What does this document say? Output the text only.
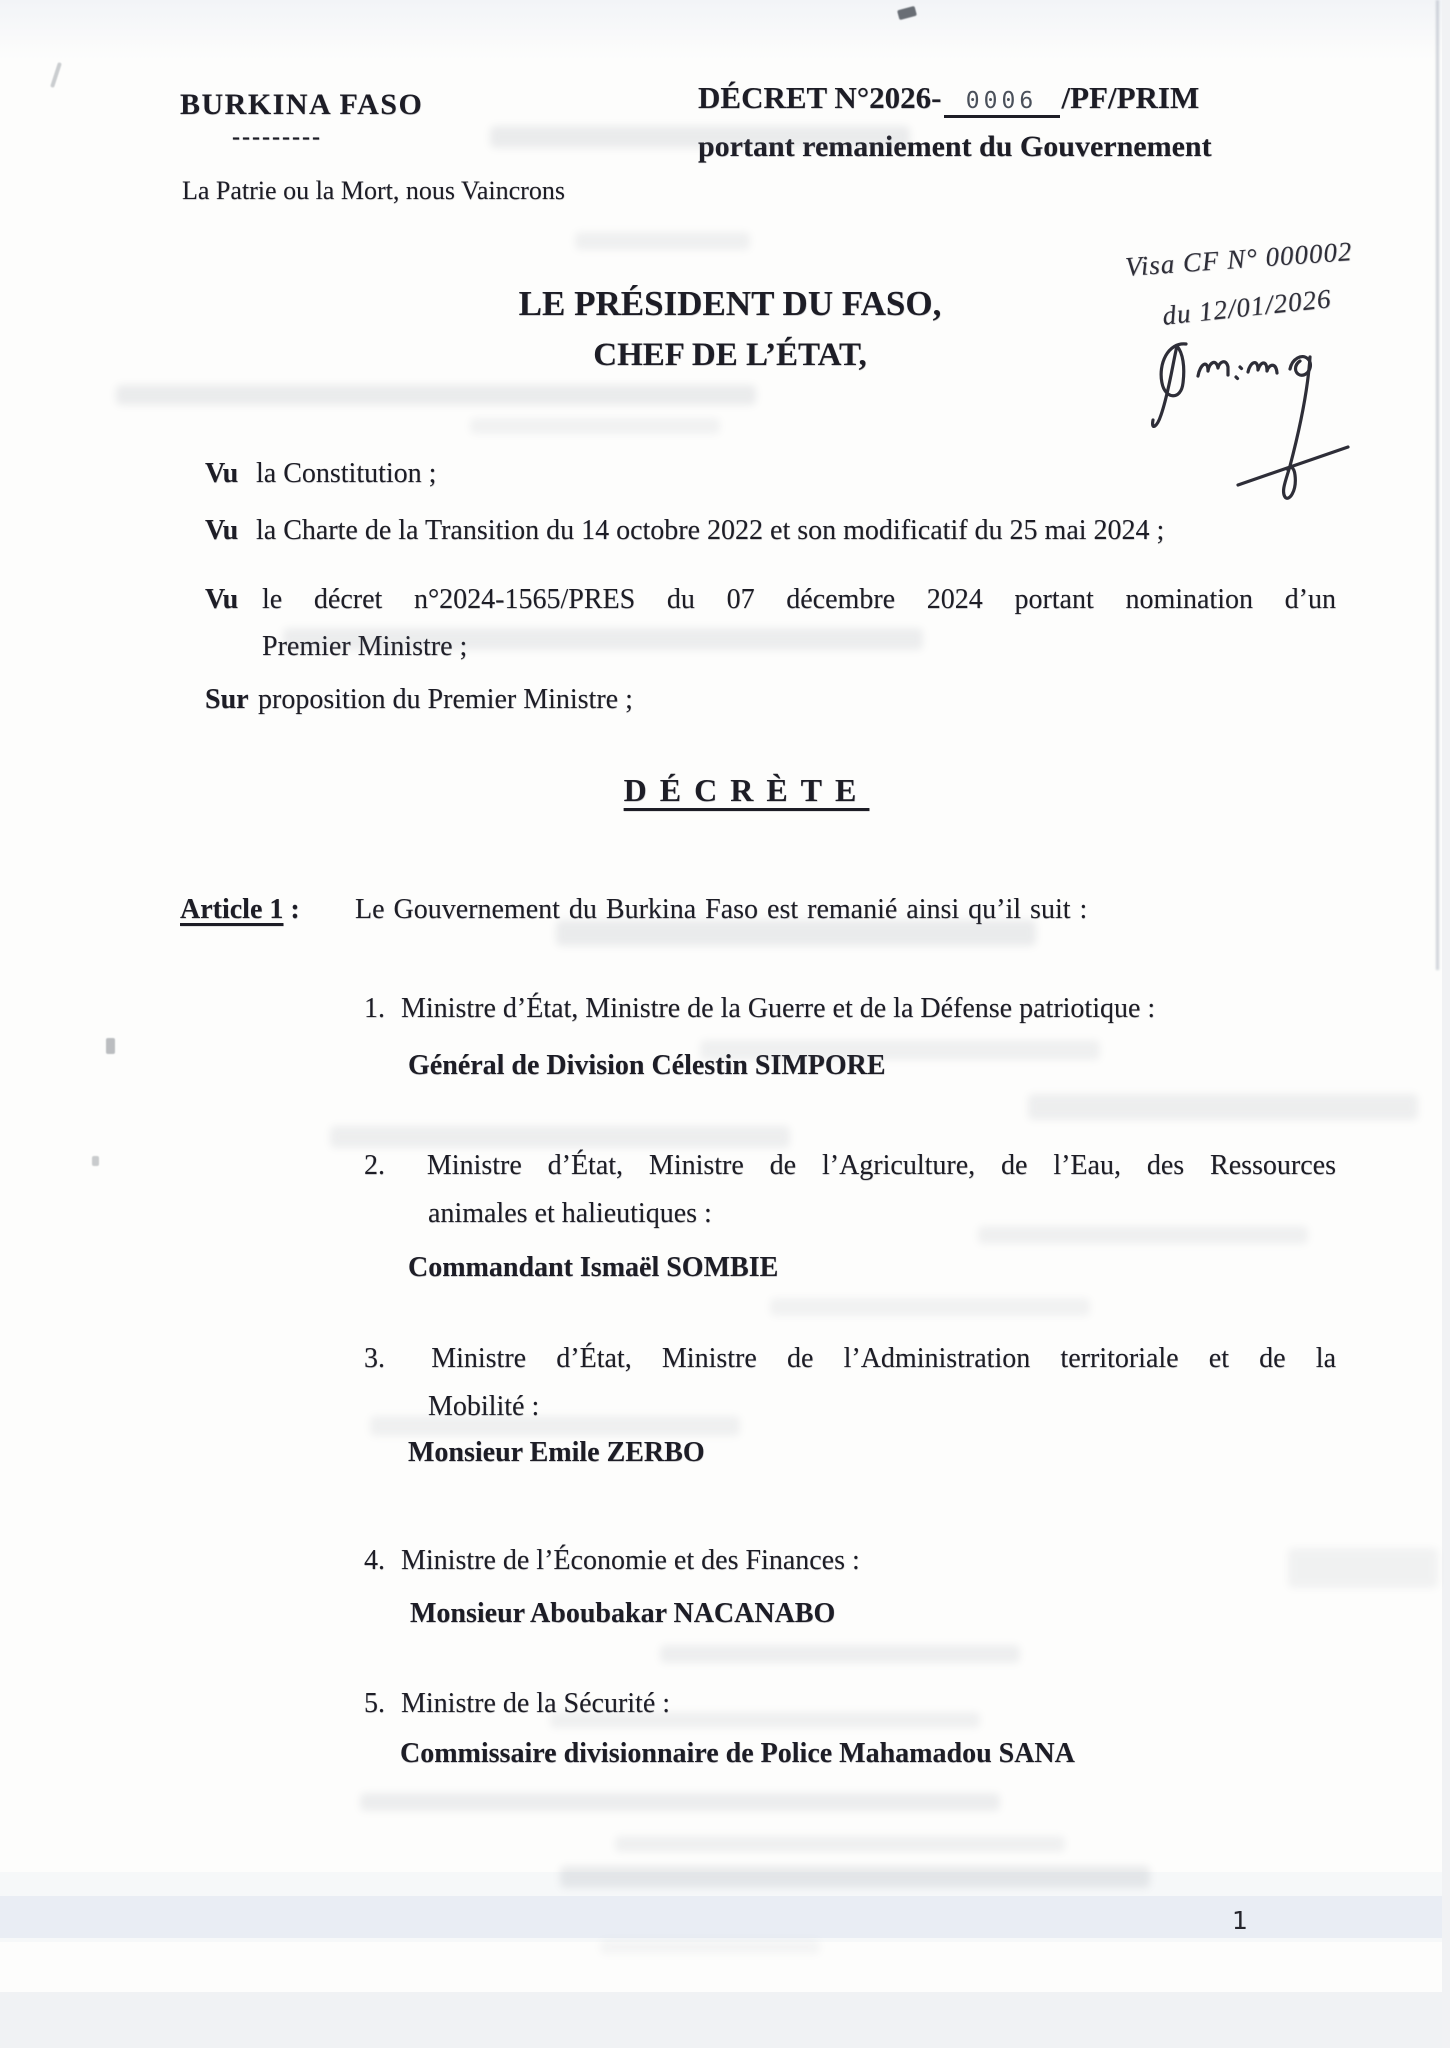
BURKINA FASO
---------
La Patrie ou la Mort, nous Vaincrons
DÉCRET N°2026-	0006 /PF/PRIM
portant remaniement du Gouvernement
Visa CF N° 000002
du 12/01/2026
LE PRÉSIDENT DU FASO,
CHEF DE L’ÉTAT,
Vu la Constitution ;
Vu la Charte de la Transition du 14 octobre 2022 et son modificatif du 25 mai 2024 ;
Vu le décret n°2024-1565/PRES du 07 décembre 2024 portant nomination d’un
Premier Ministre ;
Sur proposition du Premier Ministre ;
DÉCRÈTE
Article 1 : Le Gouvernement du Burkina Faso est remanié ainsi qu’il suit :
1. Ministre d’État, Ministre de la Guerre et de la Défense patriotique :
Général de Division Célestin SIMPORE
2. Ministre d’État, Ministre de l’Agriculture, de l’Eau, des Ressources
animales et halieutiques :
Commandant Ismaël SOMBIE
3. Ministre d’État, Ministre de l’Administration territoriale et de la
Mobilité :
Monsieur Emile ZERBO
4. Ministre de l’Économie et des Finances :
Monsieur Aboubakar NACANABO
5. Ministre de la Sécurité :
Commissaire divisionnaire de Police Mahamadou SANA
1
